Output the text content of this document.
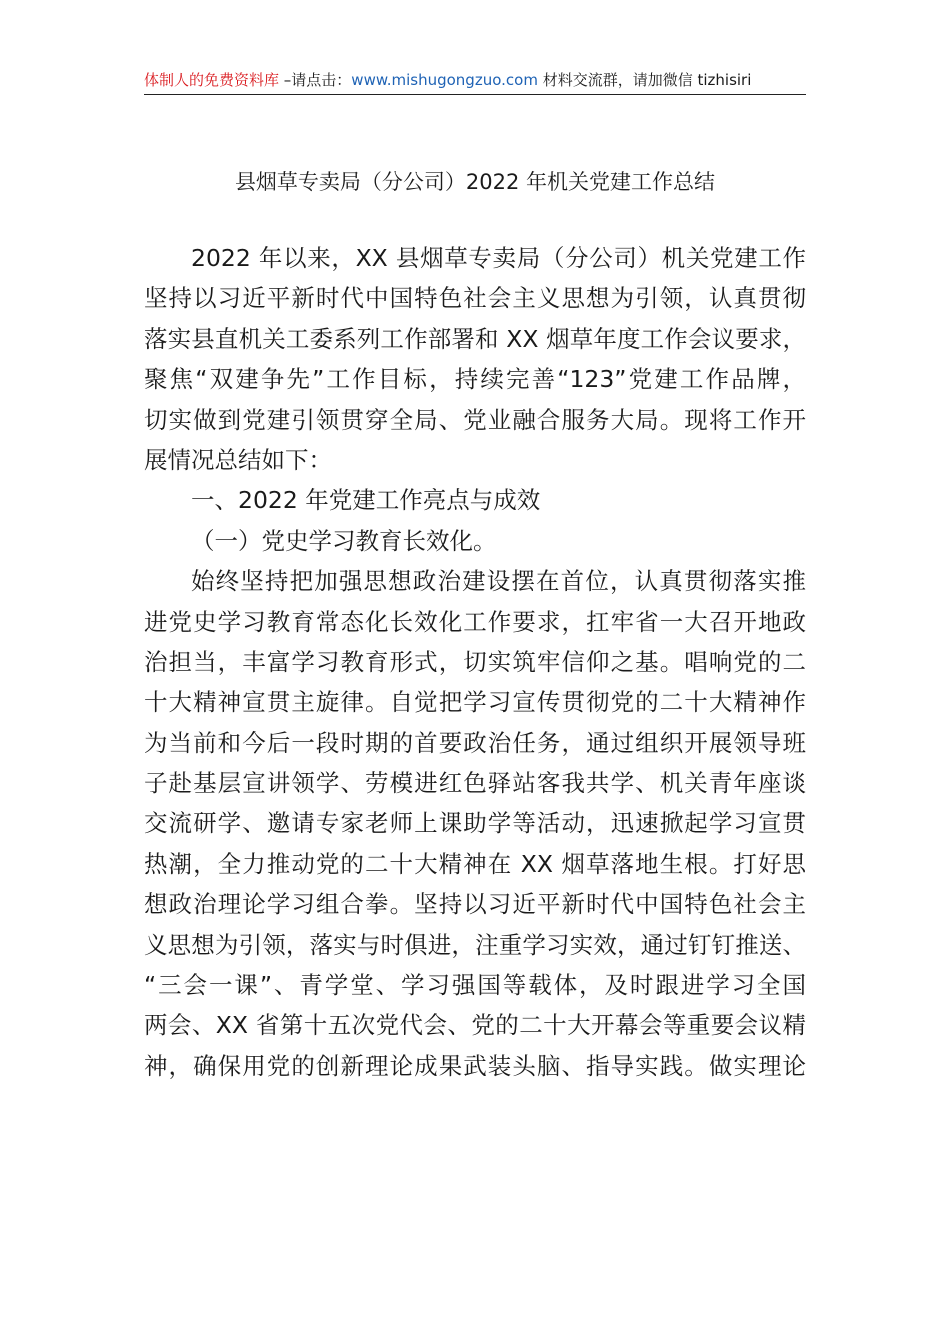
体制人的免费资料库 –请点击：www.mishugongzuo.com 材料交流群，请加微信 tizhisiri
县烟草专卖局（分公司）2022 年机关党建工作总结
2022 年以来，XX 县烟草专卖局（分公司）机关党建工作
坚持以习近平新时代中国特色社会主义思想为引领，认真贯彻
落实县直机关工委系列工作部署和 XX 烟草年度工作会议要求，
聚焦“双建争先”工作目标，持续完善“123”党建工作品牌，
切实做到党建引领贯穿全局、党业融合服务大局。现将工作开
展情况总结如下：
一、2022 年党建工作亮点与成效
（一）党史学习教育长效化。
始终坚持把加强思想政治建设摆在首位，认真贯彻落实推
进党史学习教育常态化长效化工作要求，扛牢省一大召开地政
治担当，丰富学习教育形式，切实筑牢信仰之基。唱响党的二
十大精神宣贯主旋律。自觉把学习宣传贯彻党的二十大精神作
为当前和今后一段时期的首要政治任务，通过组织开展领导班
子赴基层宣讲领学、劳模进红色驿站客我共学、机关青年座谈
交流研学、邀请专家老师上课助学等活动，迅速掀起学习宣贯
热潮，全力推动党的二十大精神在 XX 烟草落地生根。打好思
想政治理论学习组合拳。坚持以习近平新时代中国特色社会主
义思想为引领，落实与时俱进，注重学习实效，通过钉钉推送、
“三会一课”、青学堂、学习强国等载体，及时跟进学习全国
两会、XX 省第十五次党代会、党的二十大开幕会等重要会议精
神，确保用党的创新理论成果武装头脑、指导实践。做实理论
